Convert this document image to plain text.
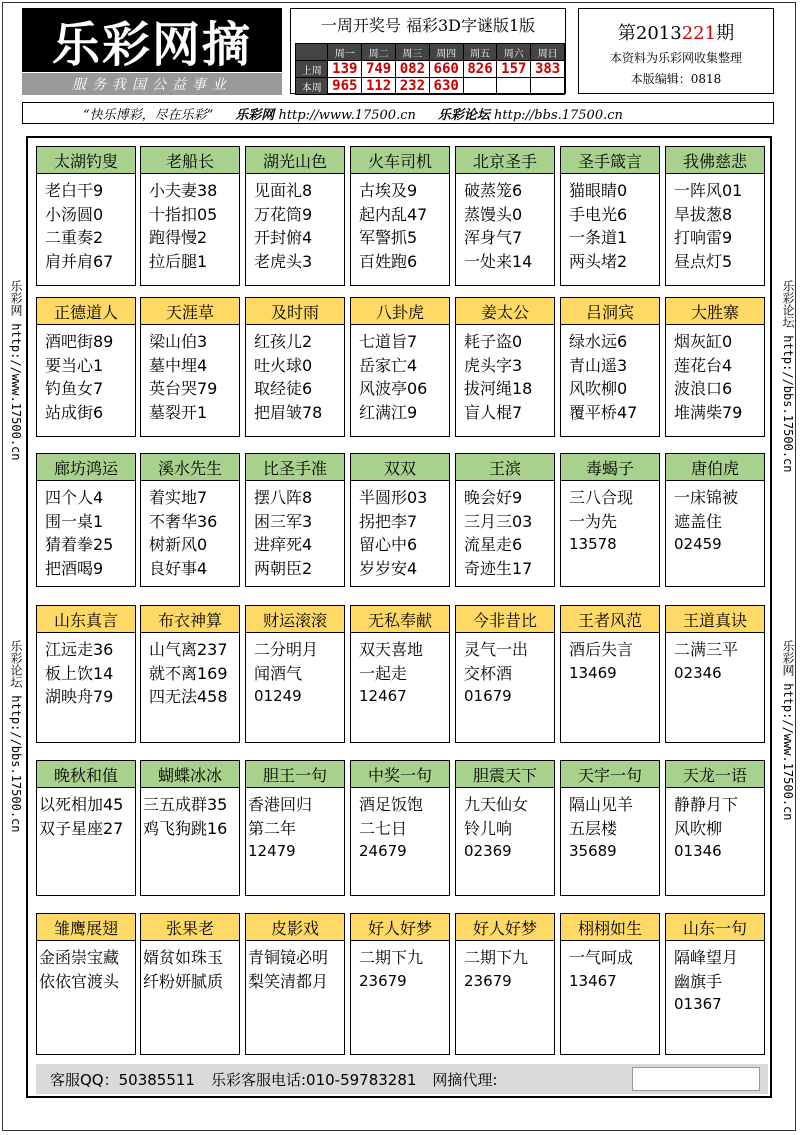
乐彩网摘
服务我国公益事业
一周开奖号 福彩3D字谜版1版
	周一	周二	周三	周四	周五	周六	周日
上周	139	749	082	660	826	157	383
本周	965	112	232	630			
第2013221期
本资料为乐彩网收集整理
本版编辑：0818
“快乐博彩，尽在乐彩” 乐彩网 http://www.17500.cn 乐彩论坛 http://bbs.17500.cn
乐彩网 http://www.17500.cn
乐彩论坛 http://bbs.17500.cn
乐彩论坛 http://bbs.17500.cn
乐彩网 http://www.17500.cn
太湖钓叟
老白干9
小汤圆0
二重奏2
肩并肩67
老船长
小夫妻38
十指扣05
跑得慢2
拉后腿1
湖光山色
见面礼8
万花筒9
开封俯4
老虎头3
火车司机
古埃及9
起内乱47
军警抓5
百姓跑6
北京圣手
破蒸笼6
蒸馒头0
浑身气7
一处来14
圣手箴言
猫眼睛0
手电光6
一条道1
两头堵2
我佛慈悲
一阵风01
旱拔葱8
打响雷9
昼点灯5
正德道人
酒吧街89
要当心1
钓鱼女7
站成街6
天涯草
梁山伯3
墓中埋4
英台哭79
墓裂开1
及时雨
红孩儿2
吐火球0
取经徒6
把眉皱78
八卦虎
七道旨7
岳家亡4
风波亭06
红满江9
姜太公
耗子盗0
虎头字3
拔河绳18
盲人棍7
吕洞宾
绿水远6
青山遥3
风吹柳0
覆平桥47
大胜寨
烟灰缸0
莲花台4
波浪口6
堆满柴79
廊坊鸿运
四个人4
围一桌1
猜着拳25
把酒喝9
溪水先生
着实地7
不奢华36
树新风0
良好事4
比圣手准
摆八阵8
困三军3
进痒死4
两朝臣2
双双
半圆形03
拐把李7
留心中6
岁岁安4
王滨
晚会好9
三月三03
流星走6
奇迹生17
毒蝎子
三八合现
一为先
13578
唐伯虎
一床锦被
遮盖住
02459
山东真言
江远走36
板上饮14
湖映舟79
布衣神算
山气离237
就不离169
四无法458
财运滚滚
二分明月
闻酒气
01249
无私奉献
双天喜地
一起走
12467
今非昔比
灵气一出
交杯酒
01679
王者风范
酒后失言
13469
王道真诀
二满三平
02346
晚秋和值
以死相加45
双子星座27
蝴蝶冰冰
三五成群35
鸡飞狗跳16
胆王一句
香港回归
第二年
12479
中奖一句
酒足饭饱
二七日
24679
胆震天下
九天仙女
铃儿响
02369
天宇一句
隔山见羊
五层楼
35689
天龙一语
静静月下
风吹柳
01346
雏鹰展翅
金函崇宝藏
依依官渡头
张果老
婿贫如珠玉
纤粉妍腻质
皮影戏
青铜镜必明
梨笑清都月
好人好梦
二期下九
23679
好人好梦
二期下九
23679
栩栩如生
一气呵成
13467
山东一句
隔峰望月
幽旗手
01367
客服QQ：50385511 乐彩客服电话:010-59783281 网摘代理:
